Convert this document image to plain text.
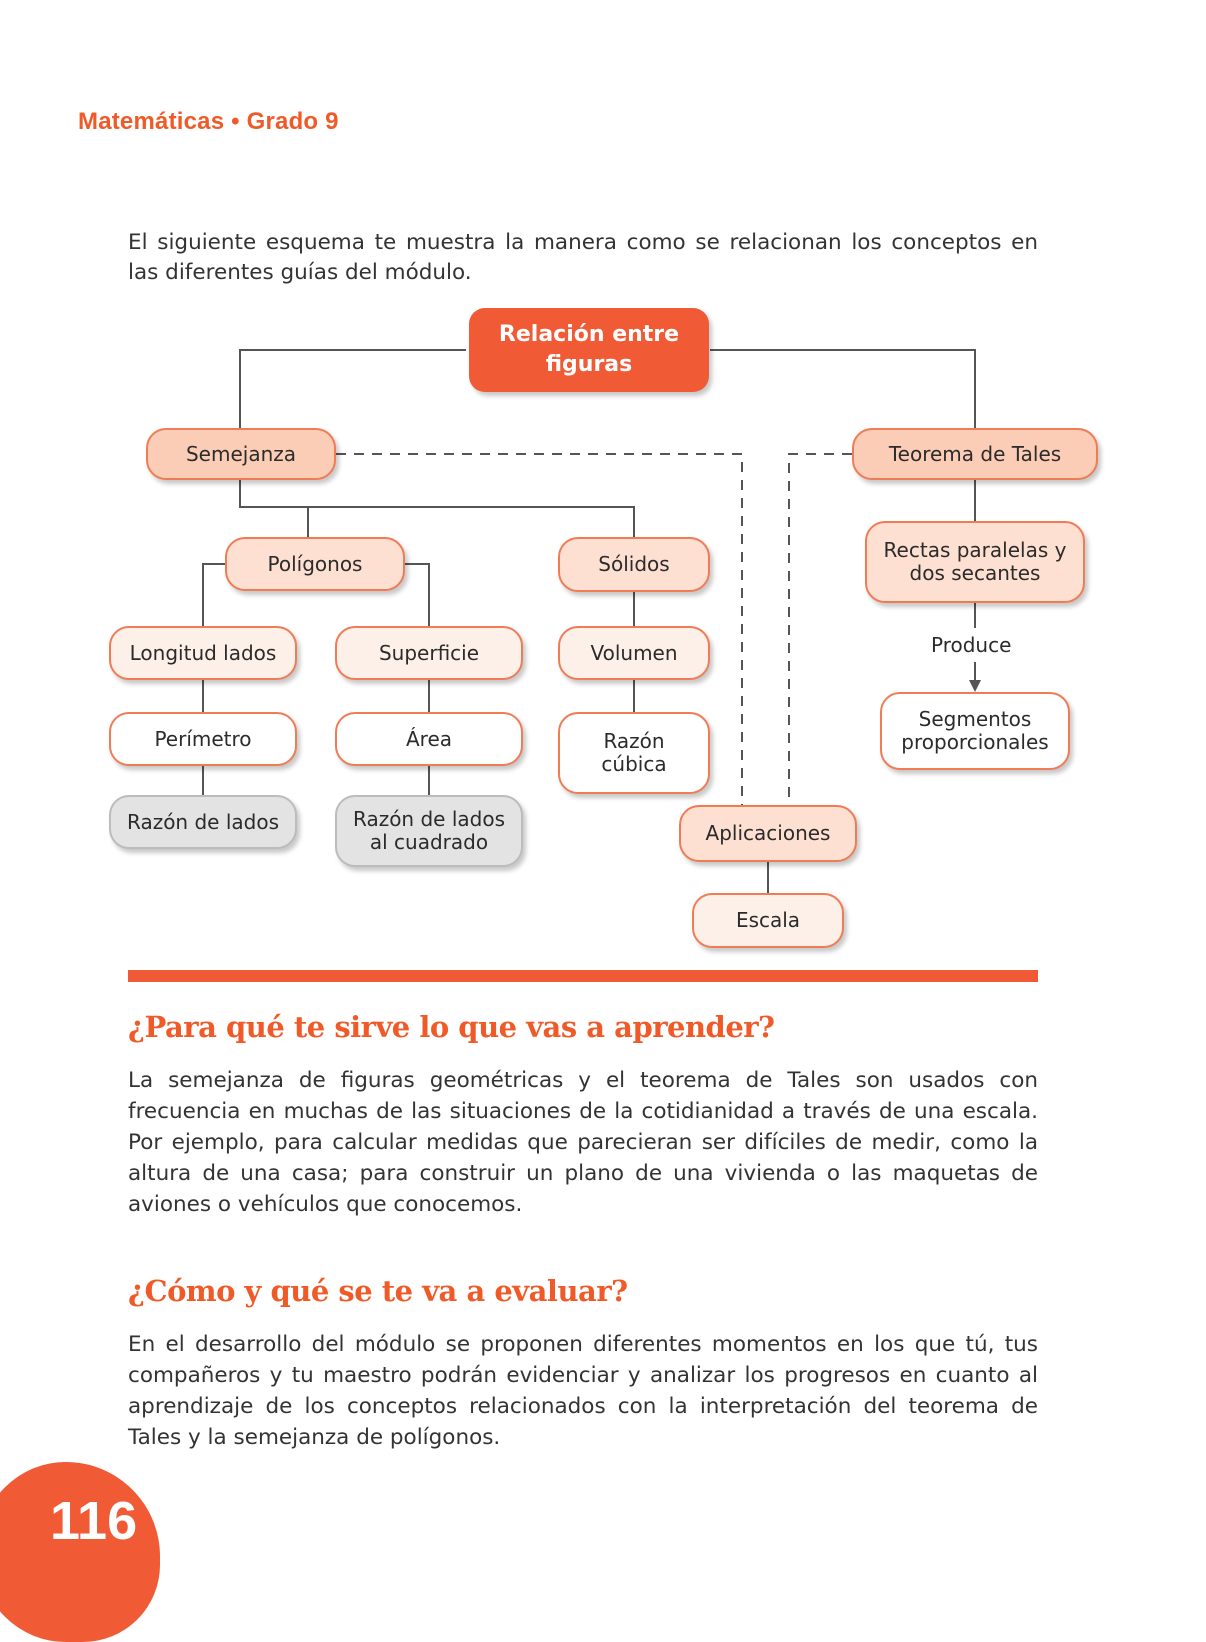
Matemáticas • Grado 9
El siguiente esquema te muestra la manera como se relacionan los conceptos en las diferentes guías del módulo.
Relación entre figuras
Semejanza	Teorema de Tales
Polígonos	Sólidos
Rectas paralelas y dos secantes
Longitud lados	Superficie	Volumen	Produce
Perímetro	Área	Razón cúbica
Segmentos proporcionales
Razón de lados	Razón de lados al cuadrado	Aplicaciones
Escala
¿Para qué te sirve lo que vas a aprender?
La semejanza de figuras geométricas y el teorema de Tales son usados con frecuencia en muchas de las situaciones de la cotidianidad a través de una escala. Por ejemplo, para calcular medidas que parecieran ser difíciles de medir, como la altura de una casa; para construir un plano de una vivienda o las maquetas de aviones o vehículos que conocemos.
¿Cómo y qué se te va a evaluar?
En el desarrollo del módulo se proponen diferentes momentos en los que tú, tus compañeros y tu maestro podrán evidenciar y analizar los progresos en cuanto al aprendizaje de los conceptos relacionados con la interpretación del teorema de Tales y la semejanza de polígonos.
116
